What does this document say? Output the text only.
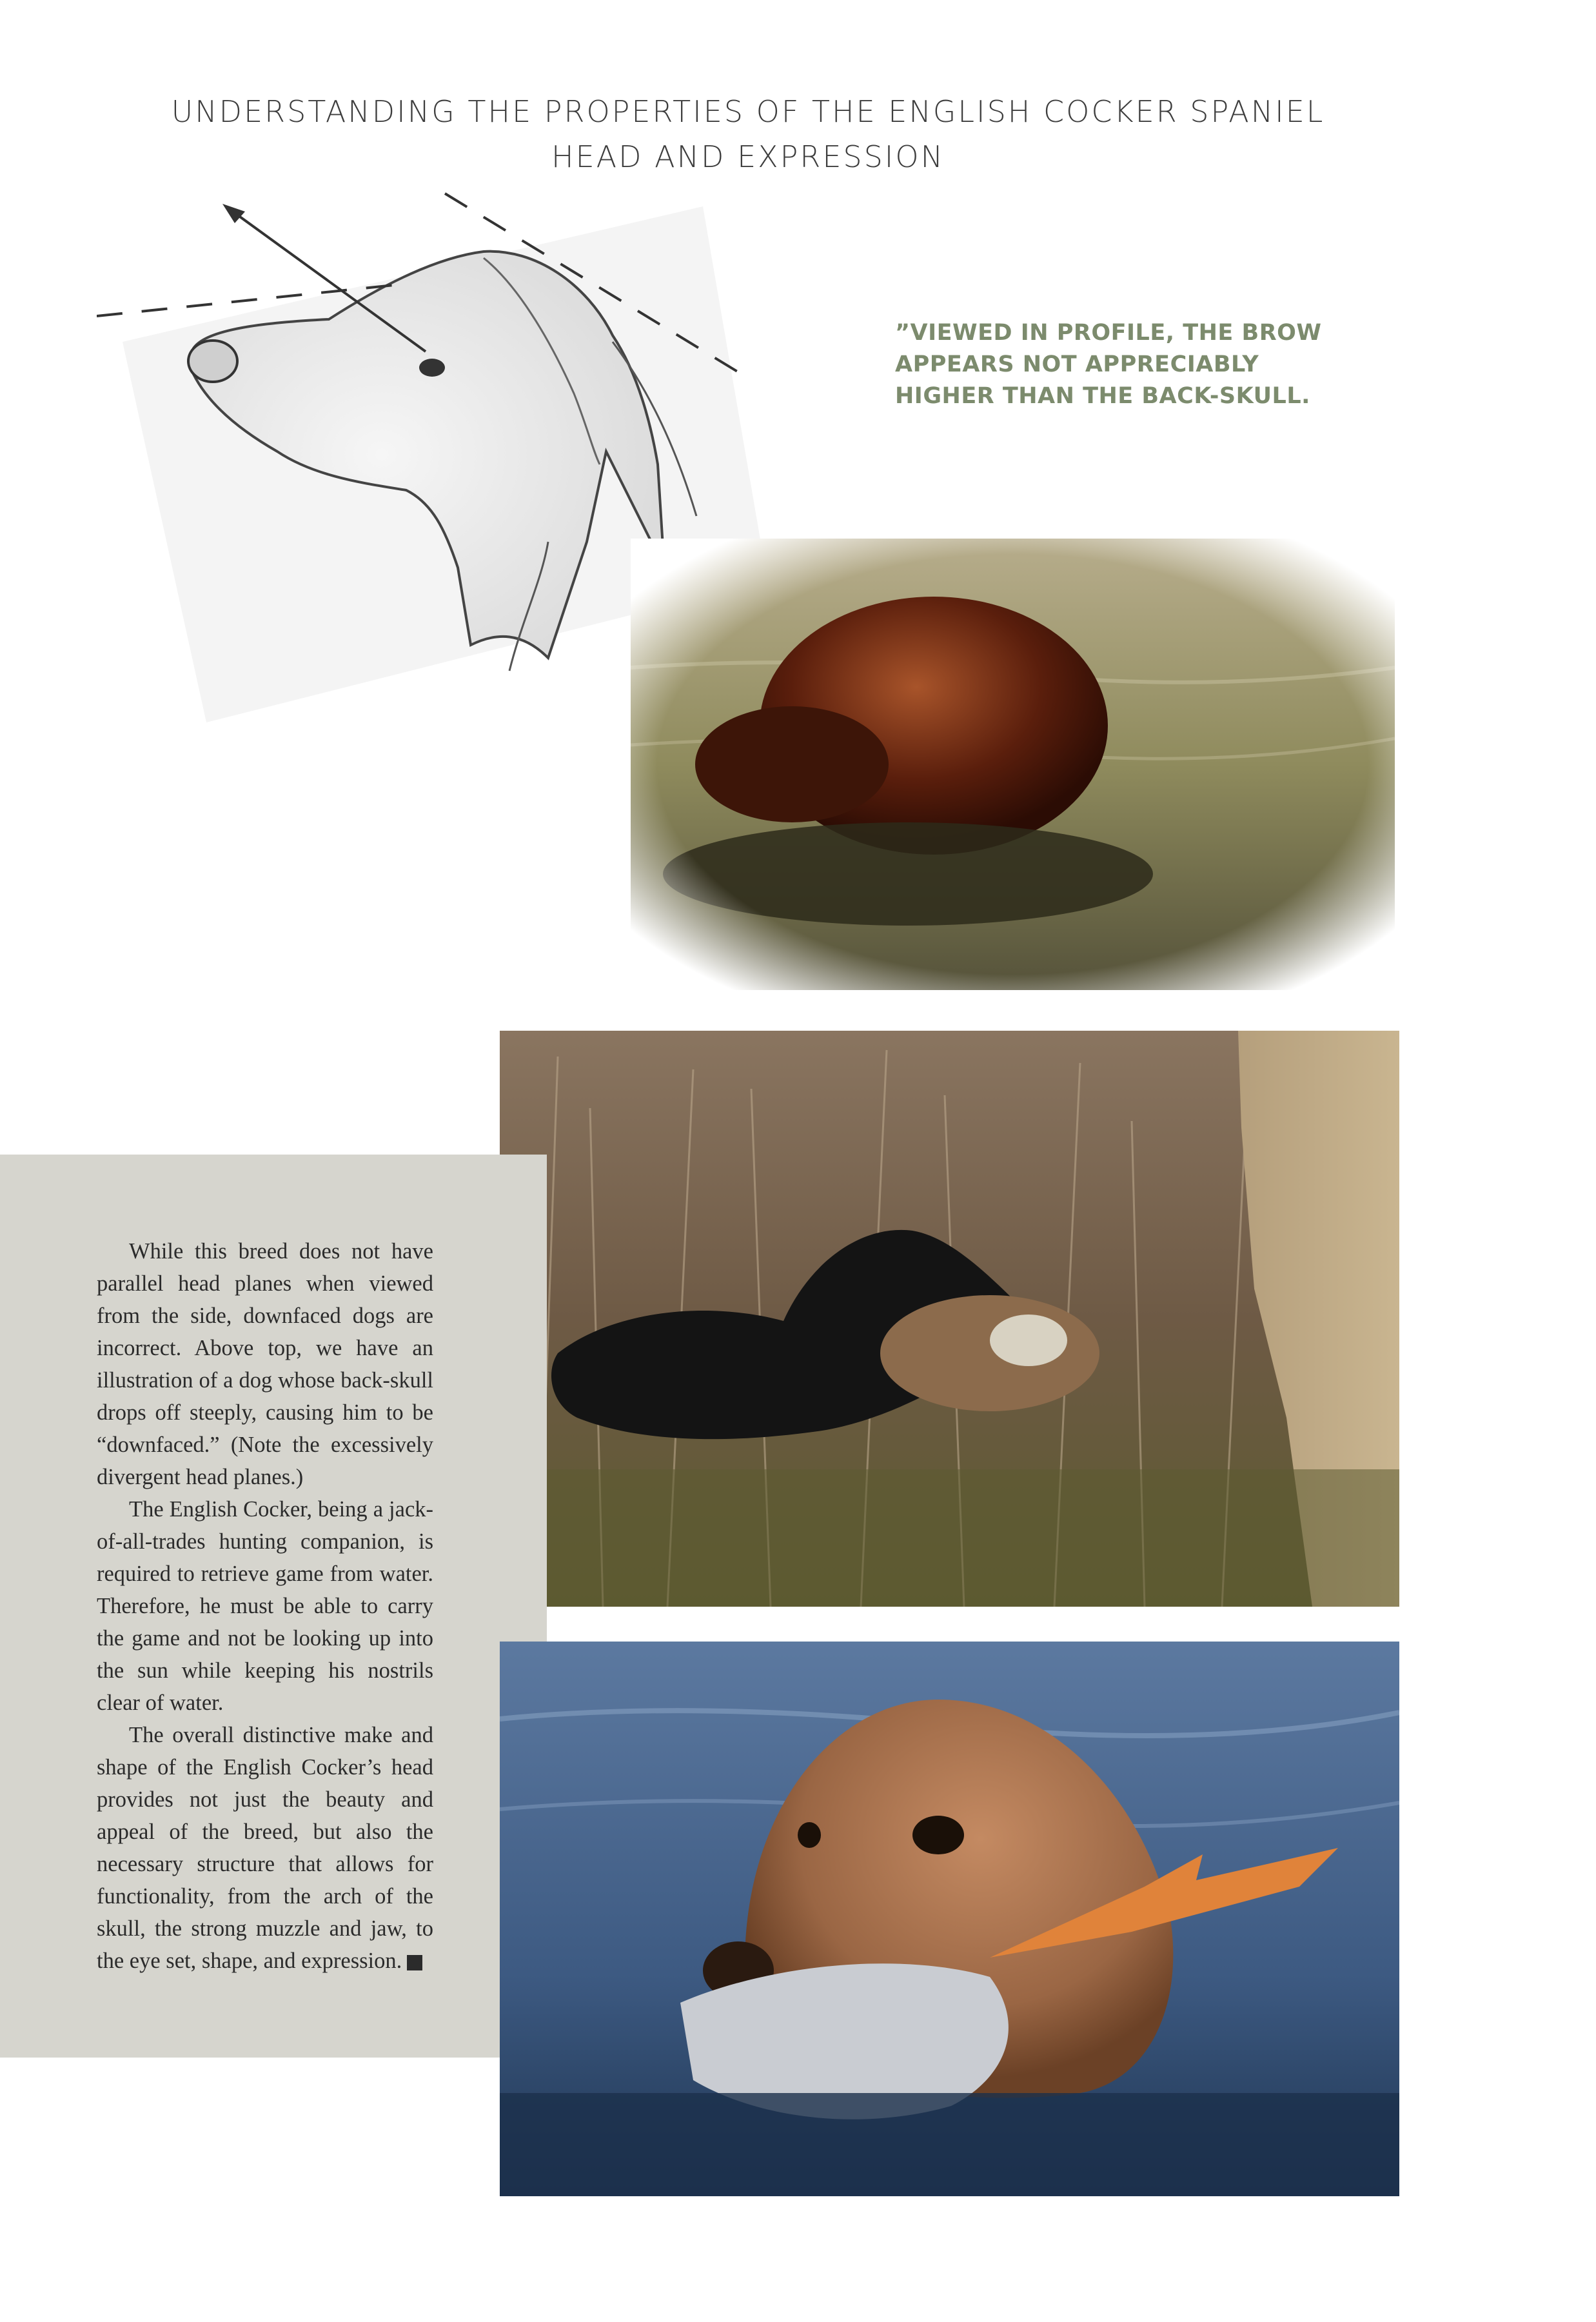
UNDERSTANDING THE PROPERTIES OF THE ENGLISH COCKER SPANIEL
HEAD AND EXPRESSION
”VIEWED IN PROFILE, THE BROW
APPEARS NOT APPRECIABLY
HIGHER THAN THE BACK-SKULL.

While this breed does not have parallel head planes when viewed from the side, downfaced dogs are incorrect. Above top, we have an illustration of a dog whose back-skull drops off steeply, causing him to be “downfaced.” (Note the excessively divergent head planes.)

The English Cocker, being a jack-of-all-trades hunting companion, is required to retrieve game from water. Therefore, he must be able to carry the game and not be looking up into the sun while keeping his nostrils clear of water.

The overall distinctive make and shape of the English Cocker’s head provides not just the beauty and appeal of the breed, but also the necessary structure that allows for functionality, from the arch of the skull, the strong muzzle and jaw, to the eye set, shape, and expression.
